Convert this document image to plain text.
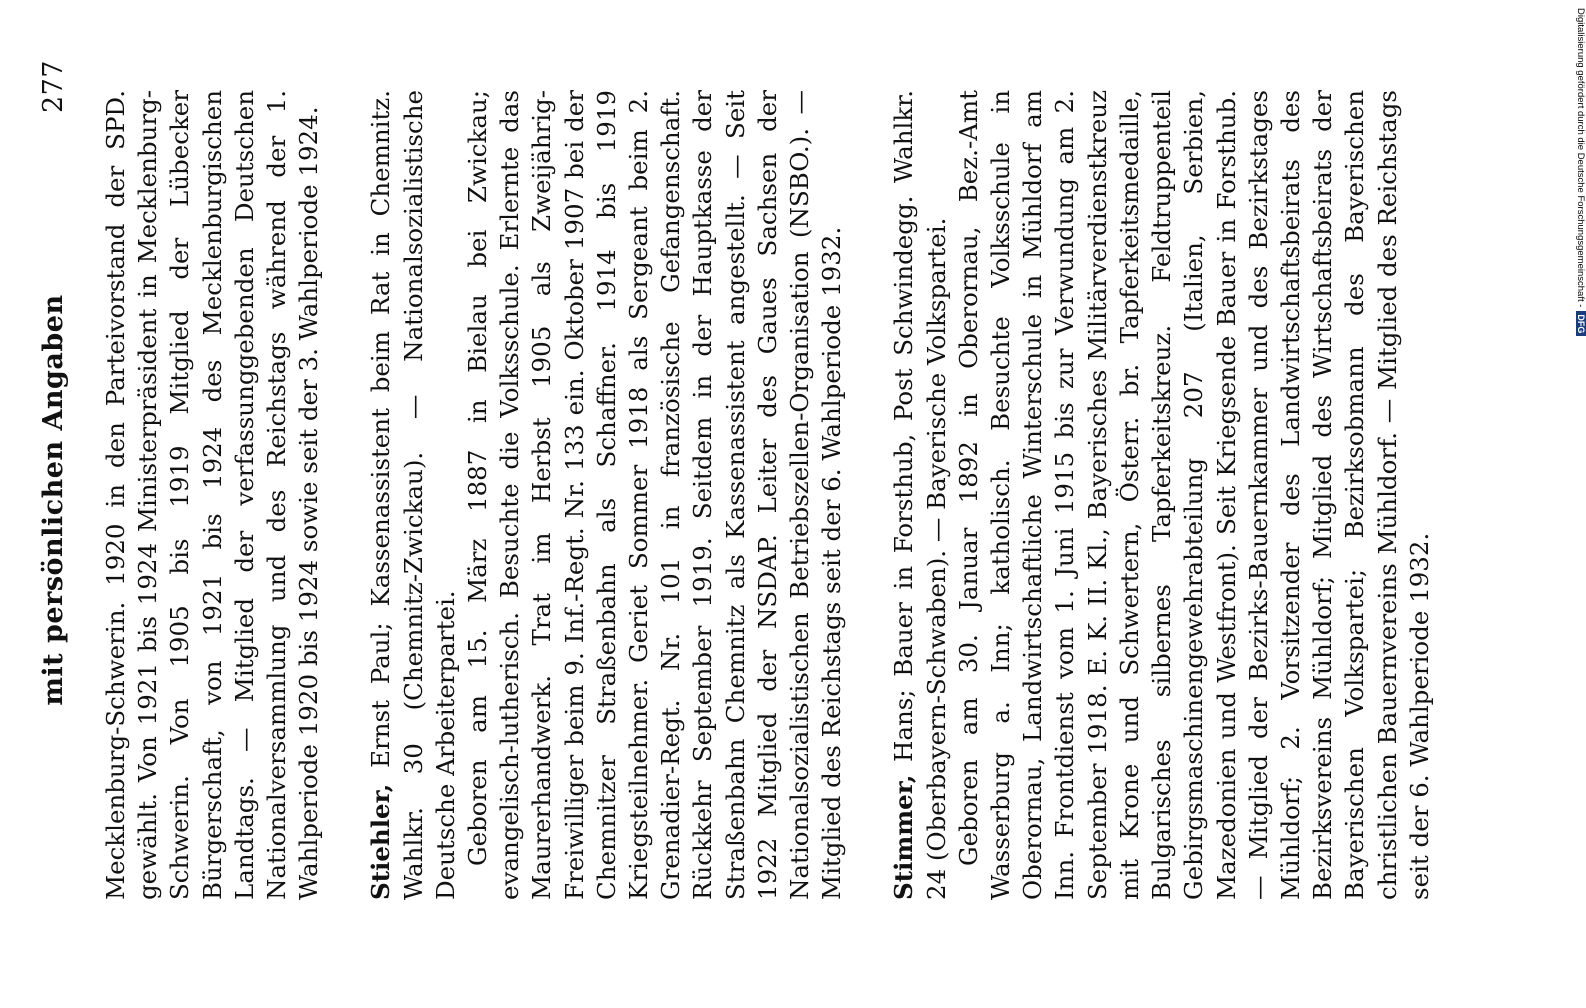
mit persönlichen Angaben
277

Mecklenburg-Schwerin. 1920 in den Parteivorstand der SPD. gewählt. Von 1921 bis 1924 Ministerpräsident in Mecklenburg-Schwerin. Von 1905 bis 1919 Mitglied der Lübecker Bürgerschaft, von 1921 bis 1924 des Mecklenburgischen Landtags. — Mitglied der verfassunggebenden Deutschen Nationalversammlung und des Reichstags während der 1. Wahlperiode 1920 bis 1924 sowie seit der 3. Wahlperiode 1924. Stiehler, Ernst Paul; Kassenassistent beim Rat in Chemnitz. Wahlkr. 30 (Chemnitz-Zwickau). — Nationalsozialistische Deutsche Arbeiterpartei. Geboren am 15. März 1887 in Bielau bei Zwickau; evangelisch-lutherisch. Besuchte die Volksschule. Erlernte das Maurerhandwerk. Trat im Herbst 1905 als Zweijährig-Freiwilliger beim 9. Inf.-Regt. Nr. 133 ein. Oktober 1907 bei der Chemnitzer Straßenbahn als Schaffner. 1914 bis 1919 Kriegsteilnehmer. Geriet Sommer 1918 als Sergeant beim 2. Grenadier-Regt. Nr. 101 in französische Gefangenschaft. Rückkehr September 1919. Seitdem in der Hauptkasse der Straßenbahn Chemnitz als Kassenassistent angestellt. — Seit 1922 Mitglied der NSDAP. Leiter des Gaues Sachsen der Nationalsozialistischen Betriebszellen-Organisation (NSBO.). — Mitglied des Reichstags seit der 6. Wahlperiode 1932. Stimmer, Hans; Bauer in Forsthub, Post Schwindegg. Wahlkr. 24 (Oberbayern-Schwaben). — Bayerische Volkspartei. Geboren am 30. Januar 1892 in Oberornau, Bez.-Amt Wasserburg a. Inn; katholisch. Besuchte Volksschule in Oberornau, Landwirtschaftliche Winterschule in Mühldorf am Inn. Frontdienst vom 1. Juni 1915 bis zur Verwundung am 2. September 1918. E. K. II. Kl., Bayerisches Militärverdienstkreuz mit Krone und Schwertern, Österr. br. Tapferkeitsmedaille, Bulgarisches silbernes Tapferkeitskreuz. Feldtruppenteil Gebirgsmaschinengewehrabteilung 207 (Italien, Serbien, Mazedonien und Westfront). Seit Kriegsende Bauer in Forsthub. — Mitglied der Bezirks-Bauernkammer und des Bezirkstages Mühldorf; 2. Vorsitzender des Landwirtschaftsbeirats des Bezirksvereins Mühldorf; Mitglied des Wirtschaftsbeirats der Bayerischen Volkspartei; Bezirksobmann des Bayerischen christlichen Bauernvereins Mühldorf. — Mitglied des Reichstags seit der 6. Wahlperiode 1932.

Digitalisierung gefördert durch die Deutsche Forschungsgemeinschaft -DFG
